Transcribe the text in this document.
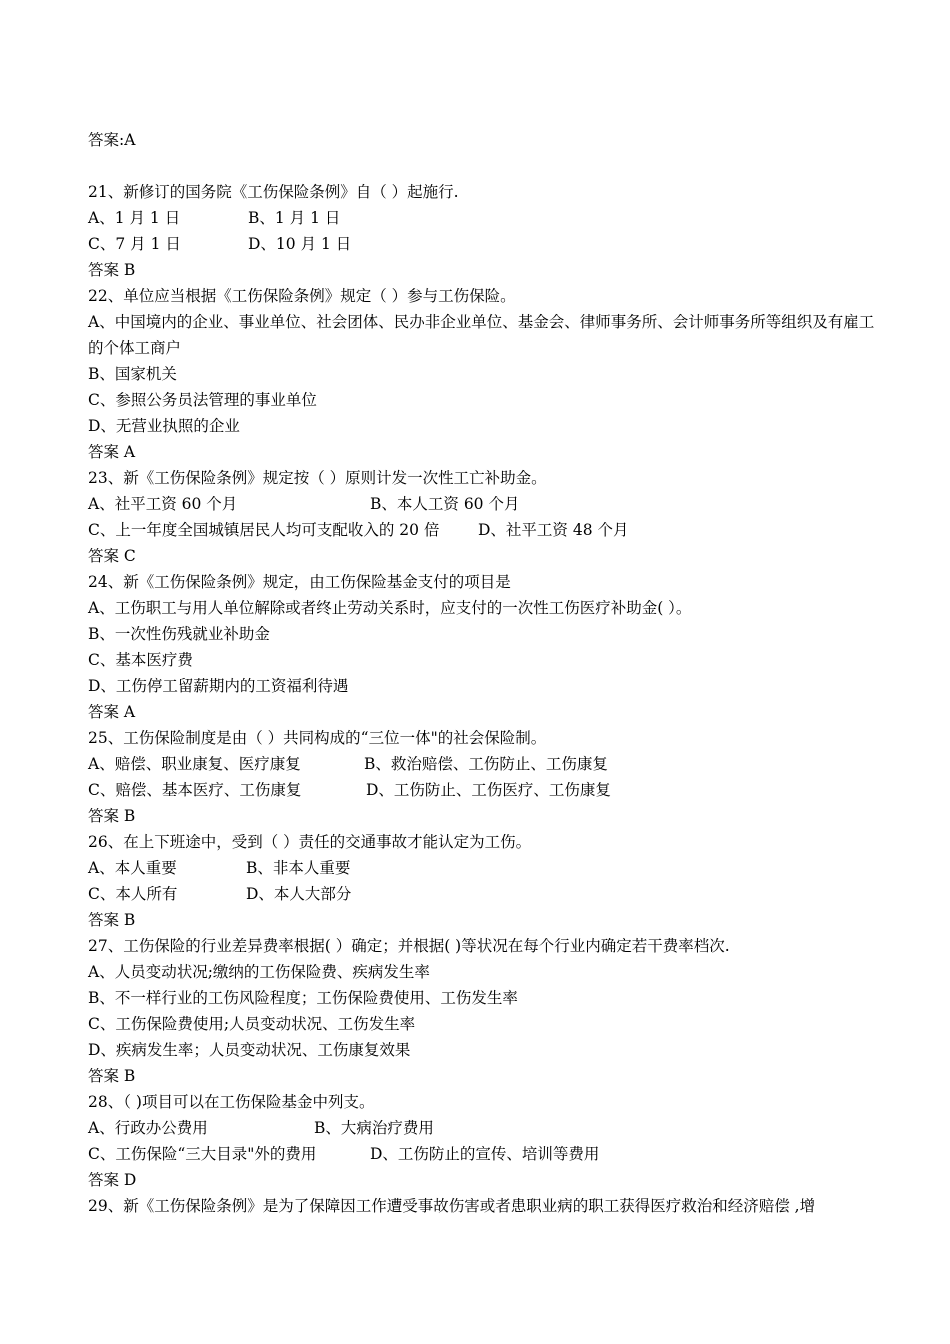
答案:A

21、新修订的国务院《工伤保险条例》自（ ）起施行.

A、1 月 1 日	B、1 月 1 日
C、7 月 1 日	D、10 月 1 日

答案 B

22、单位应当根据《工伤保险条例》规定（ ）参与工伤保险。

A、中国境内的企业、事业单位、社会团体、民办非企业单位、基金会、律师事务所、会计师事务所等组织及有雇工的个体工商户

B、国家机关

C、参照公务员法管理的事业单位

D、无营业执照的企业

答案 A

23、新《工伤保险条例》规定按（ ）原则计发一次性工亡补助金。

A、社平工资 60 个月	B、本人工资 60 个月
C、上一年度全国城镇居民人均可支配收入的 20 倍	D、社平工资 48 个月

答案 C

24、新《工伤保险条例》规定，由工伤保险基金支付的项目是

A、工伤职工与用人单位解除或者终止劳动关系时，应支付的一次性工伤医疗补助金( ）。

B、一次性伤残就业补助金

C、基本医疗费

D、工伤停工留薪期内的工资福利待遇

答案 A

25、工伤保险制度是由（ ）共同构成的“三位一体"的社会保险制。

A、赔偿、职业康复、医疗康复	B、救治赔偿、工伤防止、工伤康复
C、赔偿、基本医疗、工伤康复	D、工伤防止、工伤医疗、工伤康复

答案 B

26、在上下班途中，受到（ ）责任的交通事故才能认定为工伤。

A、本人重要	B、非本人重要
C、本人所有	D、本人大部分

答案 B

27、工伤保险的行业差异费率根据( ）确定；并根据( )等状况在每个行业内确定若干费率档次.

A、人员变动状况;缴纳的工伤保险费、疾病发生率

B、不一样行业的工伤风险程度；工伤保险费使用、工伤发生率

C、工伤保险费使用;人员变动状况、工伤发生率

D、疾病发生率；人员变动状况、工伤康复效果

答案 B

28、（ )项目可以在工伤保险基金中列支。

A、行政办公费用	B、大病治疗费用
C、工伤保险“三大目录"外的费用	D、工伤防止的宣传、培训等费用

答案 D

29、新《工伤保险条例》是为了保障因工作遭受事故伤害或者患职业病的职工获得医疗救治和经济赔偿 ,增
